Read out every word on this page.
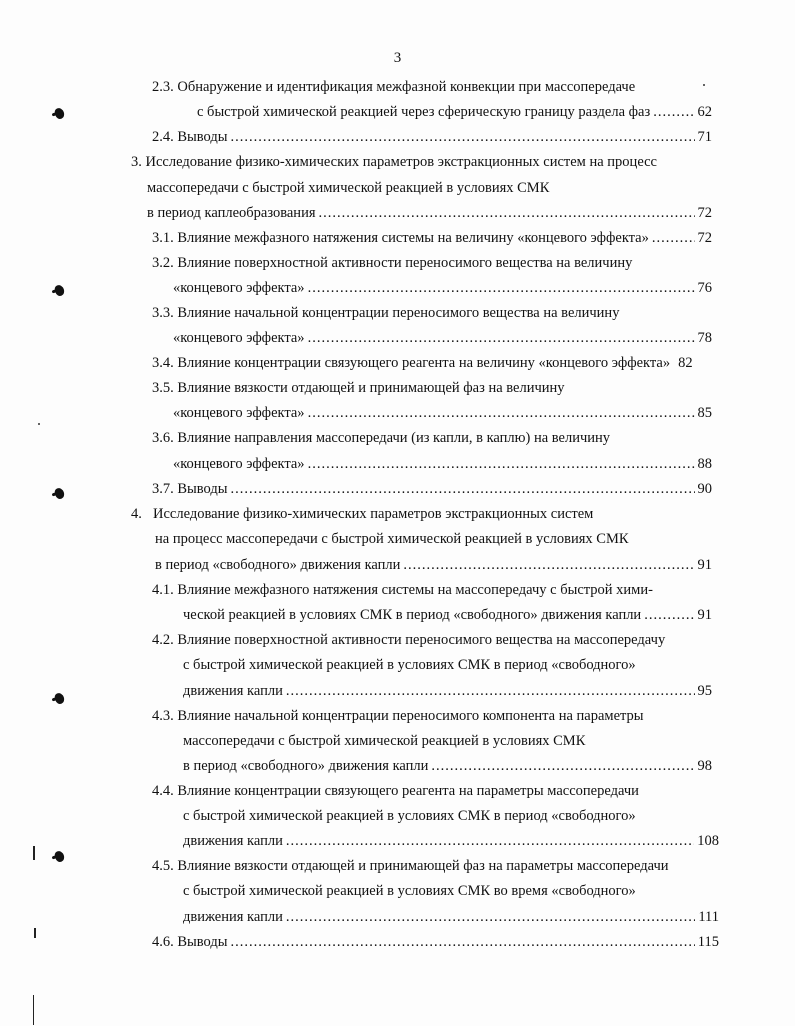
3
2.3. Обнаружение и идентификация межфазной конвекции при массопередаче
с быстрой химической реакцией через сферическую границу раздела фаз .....	62
2.4. Выводы .....	71
3. Исследование физико-химических параметров экстракционных систем на процесс
массопередачи с быстрой химической реакцией в условиях СМК
в период каплеобразования .....	72
3.1. Влияние межфазного натяжения системы на величину «концевого эффекта» .....	72
3.2. Влияние поверхностной активности переносимого вещества на величину
«концевого эффекта» .....	76
3.3. Влияние начальной концентрации переносимого вещества на величину
«концевого эффекта» .....	78
3.4. Влияние концентрации связующего реагента на величину «концевого эффекта» 82
3.5. Влияние вязкости отдающей и принимающей фаз на величину
«концевого эффекта» .....	85
3.6. Влияние направления массопередачи (из капли, в каплю) на величину
«концевого эффекта» .....	88
3.7. Выводы .....	90
4. Исследование физико-химических параметров экстракционных систем
на процесс массопередачи с быстрой химической реакцией в условиях СМК
в период «свободного» движения капли .....	91
4.1. Влияние межфазного натяжения системы на массопередачу с быстрой хими-
ческой реакцией в условиях СМК в период «свободного» движения капли .....	91
4.2. Влияние поверхностной активности переносимого вещества на массопередачу
с быстрой химической реакцией в условиях СМК в период «свободного»
движения капли .....	95
4.3. Влияние начальной концентрации переносимого компонента на параметры
массопередачи с быстрой химической реакцией в условиях СМК
в период «свободного» движения капли .....	98
4.4. Влияние концентрации связующего реагента на параметры массопередачи
с быстрой химической реакцией в условиях СМК в период «свободного»
движения капли .....	108
4.5. Влияние вязкости отдающей и принимающей фаз на параметры массопередачи
с быстрой химической реакцией в условиях СМК во время «свободного»
движения капли .....	111
4.6. Выводы .....	115
